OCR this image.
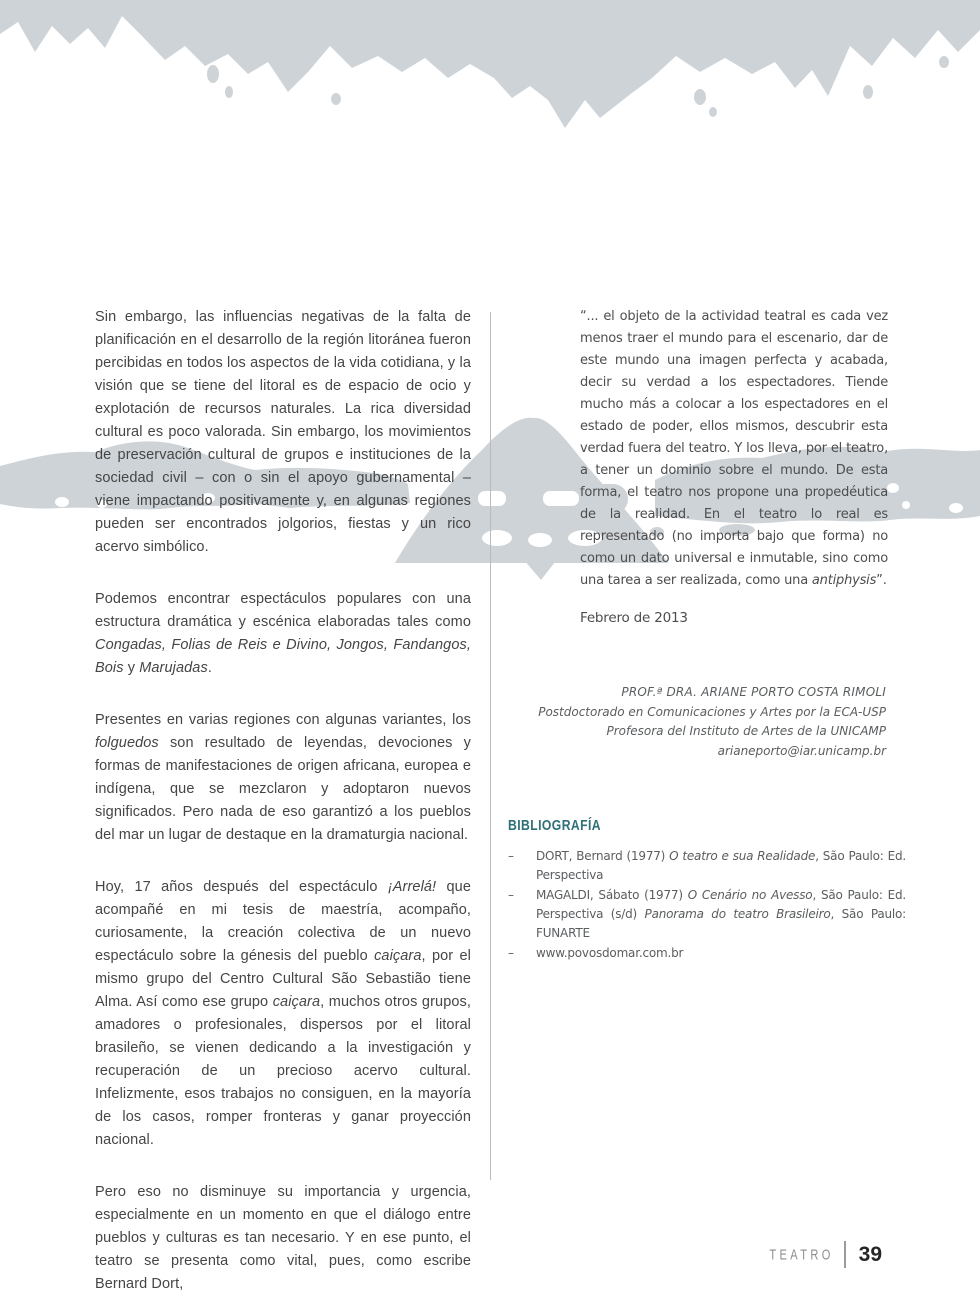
Sin embargo, las influencias negativas de la falta de planificación en el desarrollo de la región litoránea fueron percibidas en todos los aspectos de la vida cotidiana, y la visión que se tiene del litoral es de espacio de ocio y explotación de recursos naturales. La rica diversidad cultural es poco valorada. Sin embargo, los movimientos de preservación cultural de grupos e instituciones de la sociedad civil – con o sin el apoyo gubernamental – viene impactando positivamente y, en algunas regiones pueden ser encontrados jolgorios, fiestas y un rico acervo simbólico.

Podemos encontrar espectáculos populares con una estructura dramática y escénica elaboradas tales como Congadas, Folias de Reis e Divino, Jongos, Fandangos, Bois y Marujadas.

Presentes en varias regiones con algunas variantes, los folguedos son resultado de leyendas, devociones y formas de manifestaciones de origen africana, europea e indígena, que se mezclaron y adoptaron nuevos significados. Pero nada de eso garantizó a los pueblos del mar un lugar de destaque en la dramaturgia nacional.

Hoy, 17 años después del espectáculo ¡Arrelá! que acompañé en mi tesis de maestría, acompaño, curiosamente, la creación colectiva de un nuevo espectáculo sobre la génesis del pueblo caiçara, por el mismo grupo del Centro Cultural São Sebastião tiene Alma. Así como ese grupo caiçara, muchos otros grupos, amadores o profesionales, dispersos por el litoral brasileño, se vienen dedicando a la investigación y recuperación de un precioso acervo cultural. Infelizmente, esos trabajos no consiguen, en la mayoría de los casos, romper fronteras y ganar proyección nacional.

Pero eso no disminuye su importancia y urgencia, especialmente en un momento en que el diálogo entre pueblos y culturas es tan necesario. Y en ese punto, el teatro se presenta como vital, pues, como escribe Bernard Dort,

“... el objeto de la actividad teatral es cada vez menos traer el mundo para el escenario, dar de este mundo una imagen perfecta y acabada, decir su verdad a los espectadores. Tiende mucho más a colocar a los espectadores en el estado de poder, ellos mismos, descubrir esta verdad fuera del teatro. Y los lleva, por el teatro, a tener un dominio sobre el mundo. De esta forma, el teatro nos propone una propedéutica de la realidad. En el teatro lo real es representado (no importa bajo que forma) no como un dato universal e inmutable, sino como una tarea a ser realizada, como una antiphysis”.
Febrero de 2013
PROF.ª DRA. ARIANE PORTO COSTA RIMOLI
Postdoctorado en Comunicaciones y Artes por la ECA-USP
Profesora del Instituto de Artes de la UNICAMP
arianeporto@iar.unicamp.br
BIBLIOGRAFÍA
–	DORT, Bernard (1977) O teatro e sua Realidade, São Paulo: Ed. Perspectiva
–	MAGALDI, Sábato (1977) O Cenário no Avesso, São Paulo: Ed. Perspectiva (s/d) Panorama do teatro Brasileiro, São Paulo: FUNARTE
–	www.povosdomar.com.br
TEATRO 39
